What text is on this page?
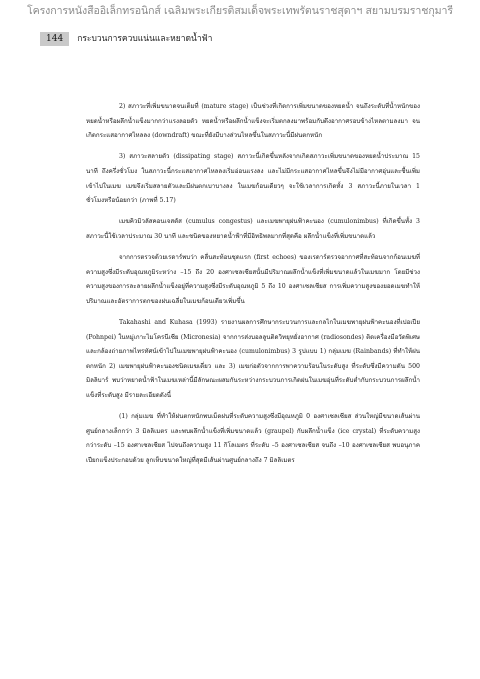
โครงการหนังสืออิเล็กทรอนิกส์ เฉลิมพระเกียรติสมเด็จพระเทพรัตนราชสุดาฯ สยามบรมราชกุมารี
144	กระบวนการควบแน่นและหยาดน้ำฟ้า

2) สภาวะที่เพิ่มขนาดจนเต็มที่ (mature stage) เป็นช่วงที่เกิดการเพิ่มขนาดของหยดน้ำ จนถึงระดับที่น้ำหนักของหยดน้ำหรือผลึกน้ำแข็งมากกว่าแรงลอยตัว หยดน้ำหรือผลึกน้ำแข็งจะเริ่มตกลงมาพร้อมกับดึงอากาศรอบข้างไหลตามลงมา จนเกิดกระแสอากาศไหลลง (downdraft) ขณะที่ยังมีบางส่วนไหลขึ้นในสภาวะนี้มีฝนตกหนัก

3) สภาวะสลายตัว (dissipating stage) สภาวะนี้เกิดขึ้นหลังจากเกิดสภาวะเพิ่มขนาดของหยดน้ำประมาณ 15 นาที ถึงครึ่งชั่วโมง ในสภาวะนี้กระแสอากาศไหลลงเริ่มอ่อนแรงลง และไม่มีกระแสอากาศไหลขึ้นจึงไม่มีอากาศอุ่นและชื้นเพิ่มเข้าไปในเมฆ เมฆจึงเริ่มสลายตัวและมีฝนตกเบาบางลง ในเมฆก้อนเดียวๆ จะใช้เวลาการเกิดทั้ง 3 สภาวะนี้ภายในเวลา 1 ชั่วโมงหรือน้อยกว่า (ภาพที่ 5.17)

เมฆคิวมิวลัสคอนเจสตัส (cumulus congestus) และเมฆพายุฝนฟ้าคะนอง (cumulonimbus) ที่เกิดขึ้นทั้ง 3 สภาวะนี้ใช้เวลาประมาณ 30 นาที และชนิดของหยาดน้ำฟ้าที่มีอิทธิพลมากที่สุดคือ ผลึกน้ำแข็งที่เพิ่มขนาดแล้ว

จากการตรวจด้วยเรดาร์พบว่า คลื่นสะท้อนชุดแรก (first echoes) ของเรดาร์ตรวจอากาศที่สะท้อนจากก้อนเมฆที่ความสูงซึ่งมีระดับอุณหภูมิระหว่าง –15 ถึง 20 องศาเซลเซียสนั้นมีปริมาณผลึกน้ำแข็งที่เพิ่มขนาดแล้วในเมฆมาก โดยมีช่วงความสูงของการละลายผลึกน้ำแข็งอยู่ที่ความสูงซึ่งมีระดับอุณหภูมิ 5 ถึง 10 องศาเซลเซียส การเพิ่มความสูงของยอดเมฆทำให้ปริมาณและอัตราการตกของฝนเฉลี่ยในเมฆก้อนเดียวเพิ่มขึ้น

Takahashi and Kuhasa (1993) รายงานผลการศึกษากระบวนการและกลไกในเมฆพายุฝนฟ้าคะนองที่เปอเปีย (Pohnpei) ในหมู่เกาะไมโครนีเซีย (Micronesia) จากการส่งบอลลูนติดวิทยุหยั่งอากาศ (radiosondes) ติดเครื่องมือวัดพิเศษและกล้องถ่ายภาพไทรทัศน์เข้าไปในเมฆพายุฝนฟ้าคะนอง (cumulonimbus) 3 รูปแบบ 1) กลุ่มเมฆ (Rainbands) ที่ทำให้ฝนตกหนัก 2) เมฆพายุฝนฟ้าคะนองชนิดเมฆเดี่ยว และ 3) เมฆก่อตัวจากการพาความร้อนในระดับสูง ที่ระดับซึ่งมีความดัน 500 มิลลิบาร์ พบว่าหยาดน้ำฟ้าในเมฆเหล่านี้มีลักษณะผสมกันระหว่างกระบวนการเกิดฝนในเมฆอุ่นที่ระดับต่ำกับกระบวนการผลึกน้ำแข็งที่ระดับสูง มีรายละเอียดดังนี้

(1) กลุ่มเมฆ ที่ทำให้ฝนตกหนักพบเม็ดฝนที่ระดับความสูงซึ่งมีอุณหภูมิ 0 องศาเซลเซียส ส่วนใหญ่มีขนาดเส้นผ่านศูนย์กลางเล็กกว่า 3 มิลลิเมตร และพบผลึกน้ำแข็งที่เพิ่มขนาดแล้ว (graupel) กับผลึกน้ำแข็ง (ice crystal) ที่ระดับความสูงกว่าระดับ –15 องศาเซลเซียส ไปจนถึงความสูง 11 กิโลเมตร ที่ระดับ –5 องศาเซลเซียส จนถึง –10 องศาเซลเซียส พบอนุภาคเปียกแข็งประกอบด้วย ลูกเห็บขนาดใหญ่ที่สุดมีเส้นผ่านศูนย์กลางถึง 7 มิลลิเมตร
